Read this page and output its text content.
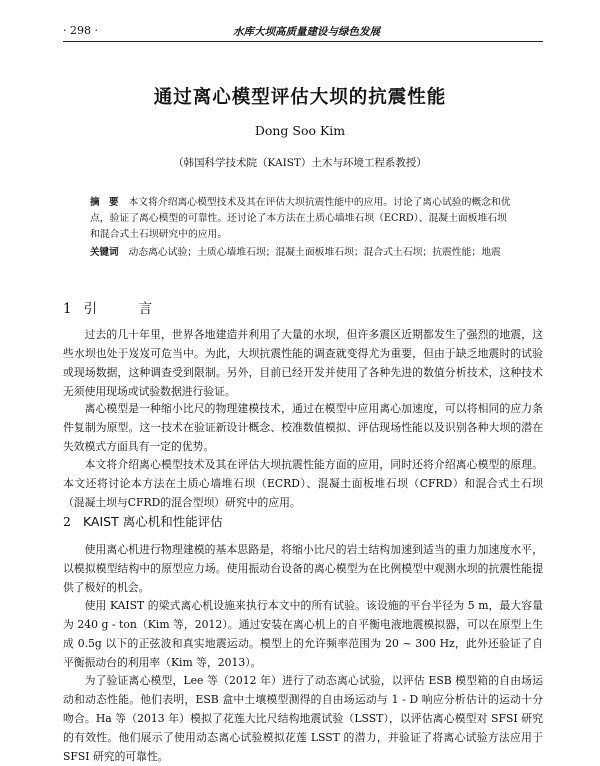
· 298 ·	水库大坝高质量建设与绿色发展
通过离心模型评估大坝的抗震性能
Dong Soo Kim
（韩国科学技术院（KAIST）土木与环境工程系教授）
摘　要 本文将介绍离心模型技术及其在评估大坝抗震性能中的应用。讨论了离心试验的概念和优点，验证了离心模型的可靠性。还讨论了本方法在土质心墙堆石坝（ECRD）、混凝土面板堆石坝和混合式土石坝研究中的应用。
关键词 动态离心试验；土质心墙堆石坝；混凝土面板堆石坝；混合式土石坝；抗震性能；地震
1 引　言
过去的几十年里，世界各地建造并利用了大量的水坝，但许多震区近期都发生了强烈的地震，这些水坝也处于岌岌可危当中。为此，大坝抗震性能的调查就变得尤为重要，但由于缺乏地震时的试验或现场数据，这种调查受到限制。另外，目前已经开发并使用了各种先进的数值分析技术，这种技术无须使用现场或试验数据进行验证。
离心模型是一种缩小比尺的物理建模技术，通过在模型中应用离心加速度，可以将相同的应力条件复制为原型。这一技术在验证新设计概念、校准数值模拟、评估现场性能以及识别各种大坝的潜在失效模式方面具有一定的优势。
本文将介绍离心模型技术及其在评估大坝抗震性能方面的应用，同时还将介绍离心模型的原理。本文还将讨论本方法在土质心墙堆石坝（ECRD）、混凝土面板堆石坝（CFRD）和混合式土石坝（混凝土坝与CFRD的混合型坝）研究中的应用。
2 KAIST 离心机和性能评估
使用离心机进行物理建模的基本思路是，将缩小比尺的岩土结构加速到适当的重力加速度水平，以模拟模型结构中的原型应力场。使用振动台设备的离心模型为在比例模型中观测水坝的抗震性能提供了极好的机会。
使用 KAIST 的梁式离心机设施来执行本文中的所有试验。该设施的平台半径为 5 m，最大容量为 240 g - ton（Kim 等，2012）。通过安装在离心机上的自平衡电液地震模拟器，可以在原型上生成 0.5g 以下的正弦波和真实地震运动。模型上的允许频率范围为 20 ~ 300 Hz，此外还验证了自平衡振动台的利用率（Kim 等，2013）。
为了验证离心模型，Lee 等（2012 年）进行了动态离心试验，以评估 ESB 模型箱的自由场运动和动态性能。他们表明，ESB 盒中土壤模型测得的自由场运动与 1 - D 响应分析估计的运动十分吻合。Ha 等（2013 年）模拟了花莲大比尺结构地震试验（LSST），以评估离心模型对 SFSI 研究的有效性。他们展示了使用动态离心试验模拟花莲 LSST 的潜力，并验证了将离心试验方法应用于 SFSI 研究的可靠性。
